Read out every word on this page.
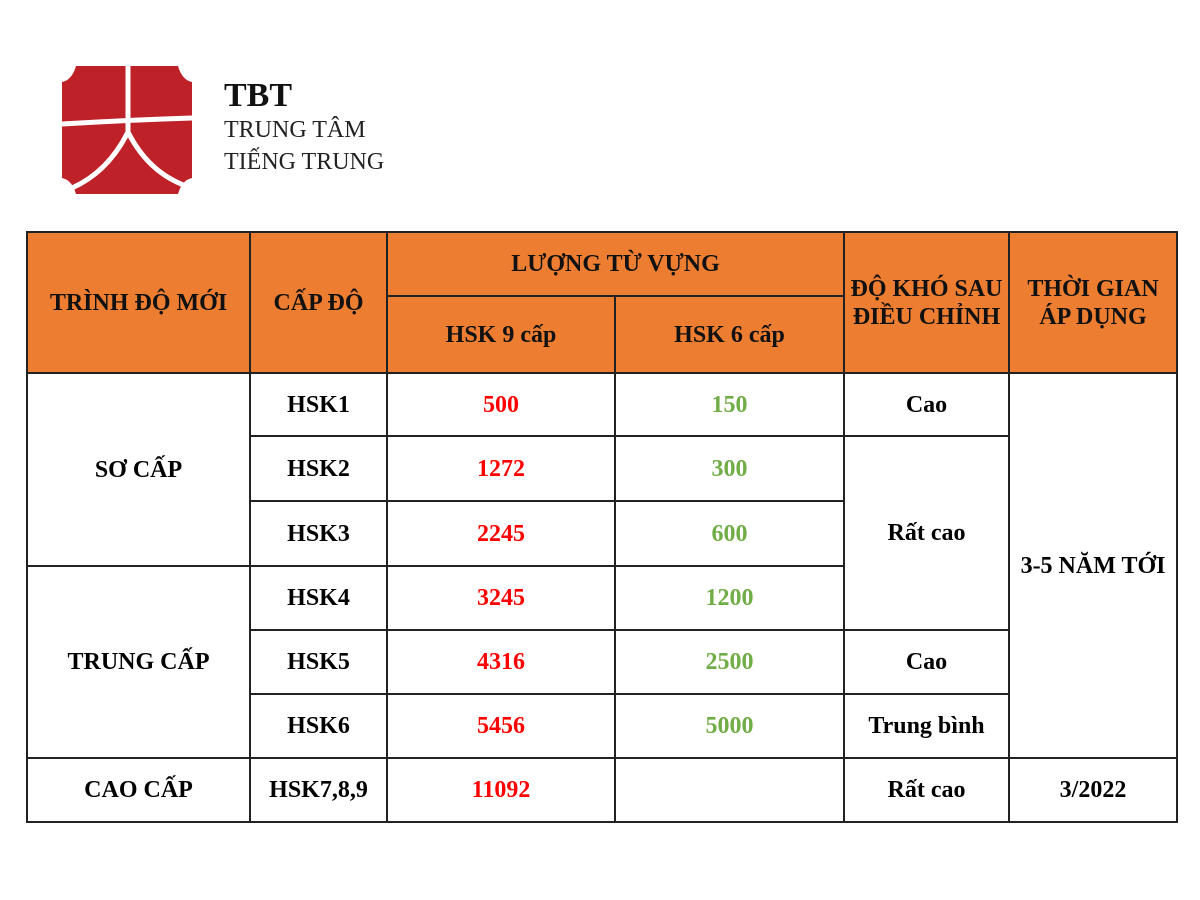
TBT
TRUNG TÂM
TIẾNG TRUNG
TRÌNH ĐỘ MỚI	CẤP ĐỘ	LƯỢNG TỪ VỰNG		ĐỘ KHÓ SAU ĐIỀU CHỈNH	THỜI GIAN ÁP DỤNG
		HSK 9 cấp	HSK 6 cấp		
SƠ CẤP	HSK1	500	150	Cao	3-5 NĂM TỚI
	HSK2	1272	300	Rất cao	
	HSK3	2245	600		
TRUNG CẤP	HSK4	3245	1200		
	HSK5	4316	2500	Cao	
	HSK6	5456	5000	Trung bình	
CAO CẤP	HSK7,8,9	11092		Rất cao	3/2022
